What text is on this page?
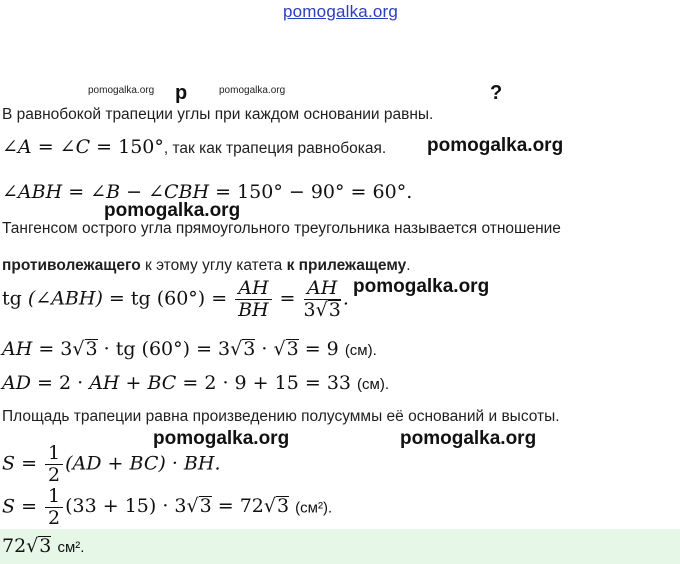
pomogalka.org
pomogalka.org р	pomogalka.org	?
В равнобокой трапеции углы при каждом основании равны.
∠A = ∠C = 150°, так как трапеция равнобокая. pomogalka.org
∠ABH = ∠B − ∠CBH = 150° − 90° = 60°.
pomogalka.org
Тангенсом острого угла прямоугольного треугольника называется отношение
противолежащего к этому углу катета к прилежащему.
tg (∠ABH) = tg $(60^\circ) = \frac{AH}{BH} = \frac{AH}{3√3}$ .
pomogalka.org
AH = 3√3 · tg (60°) = 3√3 · √3 = 9 (см).
AD = 2 · AH + BC = 2 · 9 + 15 = 33 (см).
Площадь трапеции равна произведению полусуммы её оснований и высоты.
pomogalka.org	pomogalka.org
$S = \frac{1}{2} (AD + BC)$ · BH.
$S = \frac{1}{2} (33 + 15) \cdot 3√3 = 72√3$ (см²).
72√3 см².
